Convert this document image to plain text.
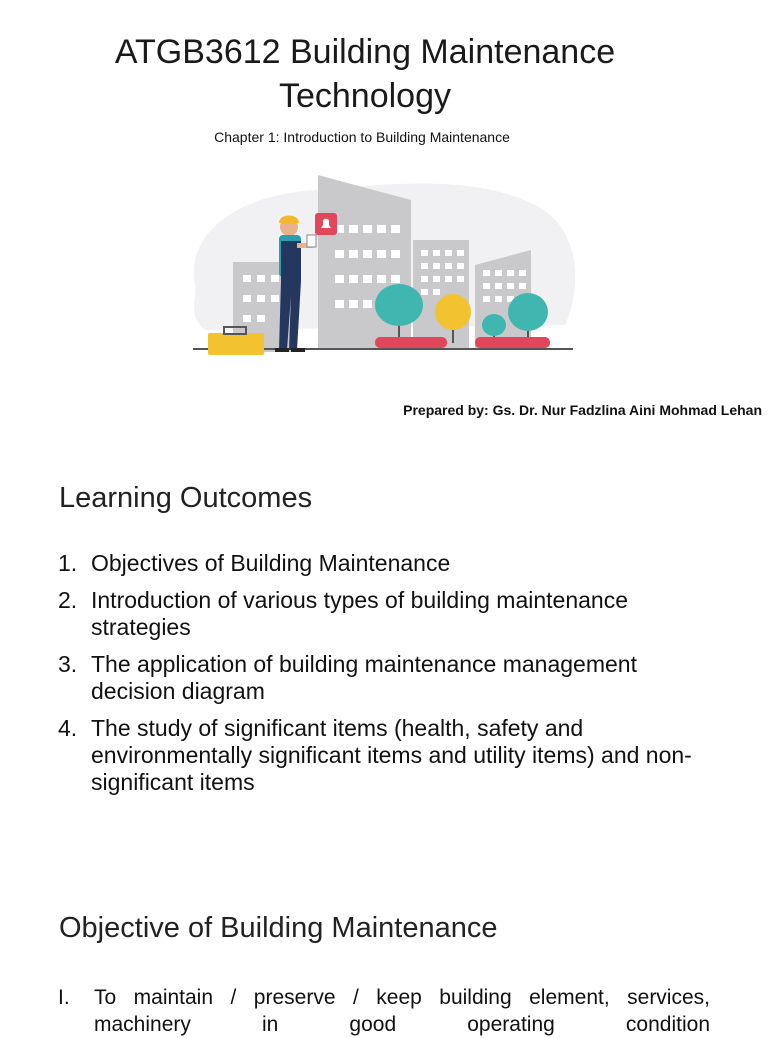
ATGB3612 Building Maintenance
Technology
Chapter 1: Introduction to Building Maintenance
Prepared by: Gs. Dr. Nur Fadzlina Aini Mohmad Lehan
Learning Outcomes
1. Objectives of Building Maintenance
2. Introduction of various types of building maintenance strategies
3. The application of building maintenance management decision diagram
4. The study of significant items (health, safety and environmentally significant items and utility items) and non-significant items
Objective of Building Maintenance
I.	To maintain / preserve / keep building element, services, machinery in good operating condition
